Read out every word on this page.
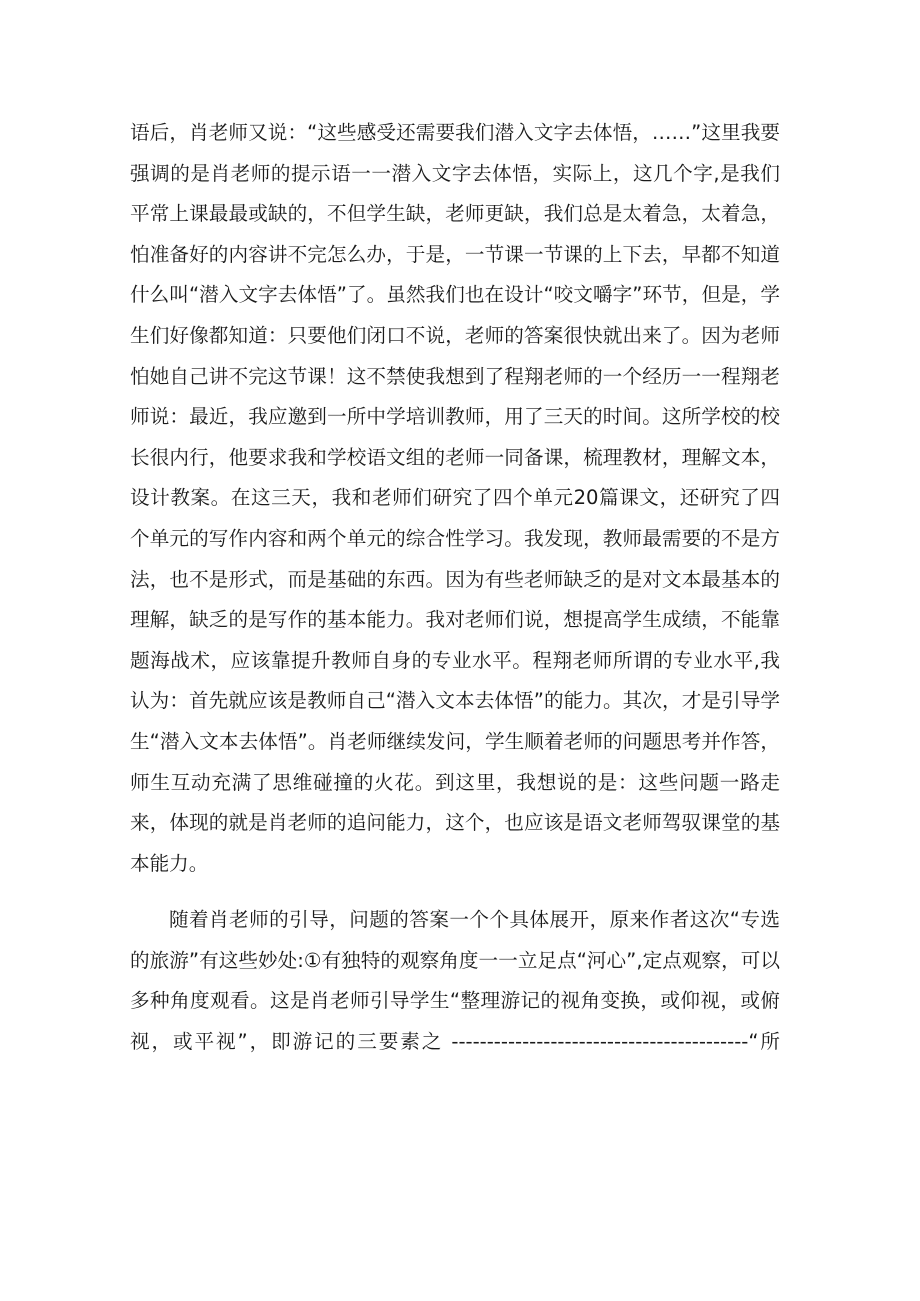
语后，肖老师又说：“这些感受还需要我们潜入文字去体悟，……”这里我要强调的是肖老师的提示语一一潜入文字去体悟，实际上，这几个字,是我们平常上课最最或缺的，不但学生缺，老师更缺，我们总是太着急，太着急，怕准备好的内容讲不完怎么办，于是，一节课一节课的上下去，早都不知道什么叫“潜入文字去体悟”了。虽然我们也在设计“咬文嚼字”环节，但是，学生们好像都知道：只要他们闭口不说，老师的答案很快就出来了。因为老师怕她自己讲不完这节课！这不禁使我想到了程翔老师的一个经历一一程翔老师说：最近，我应邀到一所中学培训教师，用了三天的时间。这所学校的校长很内行，他要求我和学校语文组的老师一同备课，梳理教材，理解文本，设计教案。在这三天，我和老师们研究了四个单元20篇课文，还研究了四个单元的写作内容和两个单元的综合性学习。我发现，教师最需要的不是方法，也不是形式，而是基础的东西。因为有些老师缺乏的是对文本最基本的理解，缺乏的是写作的基本能力。我对老师们说，想提高学生成绩，不能靠题海战术，应该靠提升教师自身的专业水平。程翔老师所谓的专业水平,我认为：首先就应该是教师自己“潜入文本去体悟”的能力。其次，才是引导学生“潜入文本去体悟”。肖老师继续发问，学生顺着老师的问题思考并作答，师生互动充满了思维碰撞的火花。到这里，我想说的是：这些问题一路走来，体现的就是肖老师的追问能力，这个，也应该是语文老师驾驭课堂的基本能力。

随着肖老师的引导，问题的答案一个个具体展开，原来作者这次“专选的旅游”有这些妙处:①有独特的观察角度一一立足点“河心”,定点观察，可以多种角度观看。这是肖老师引导学生“整理游记的视角变换，或仰视，或俯视，或平视”，即游记的三要素之 ------------------------------------------“所
